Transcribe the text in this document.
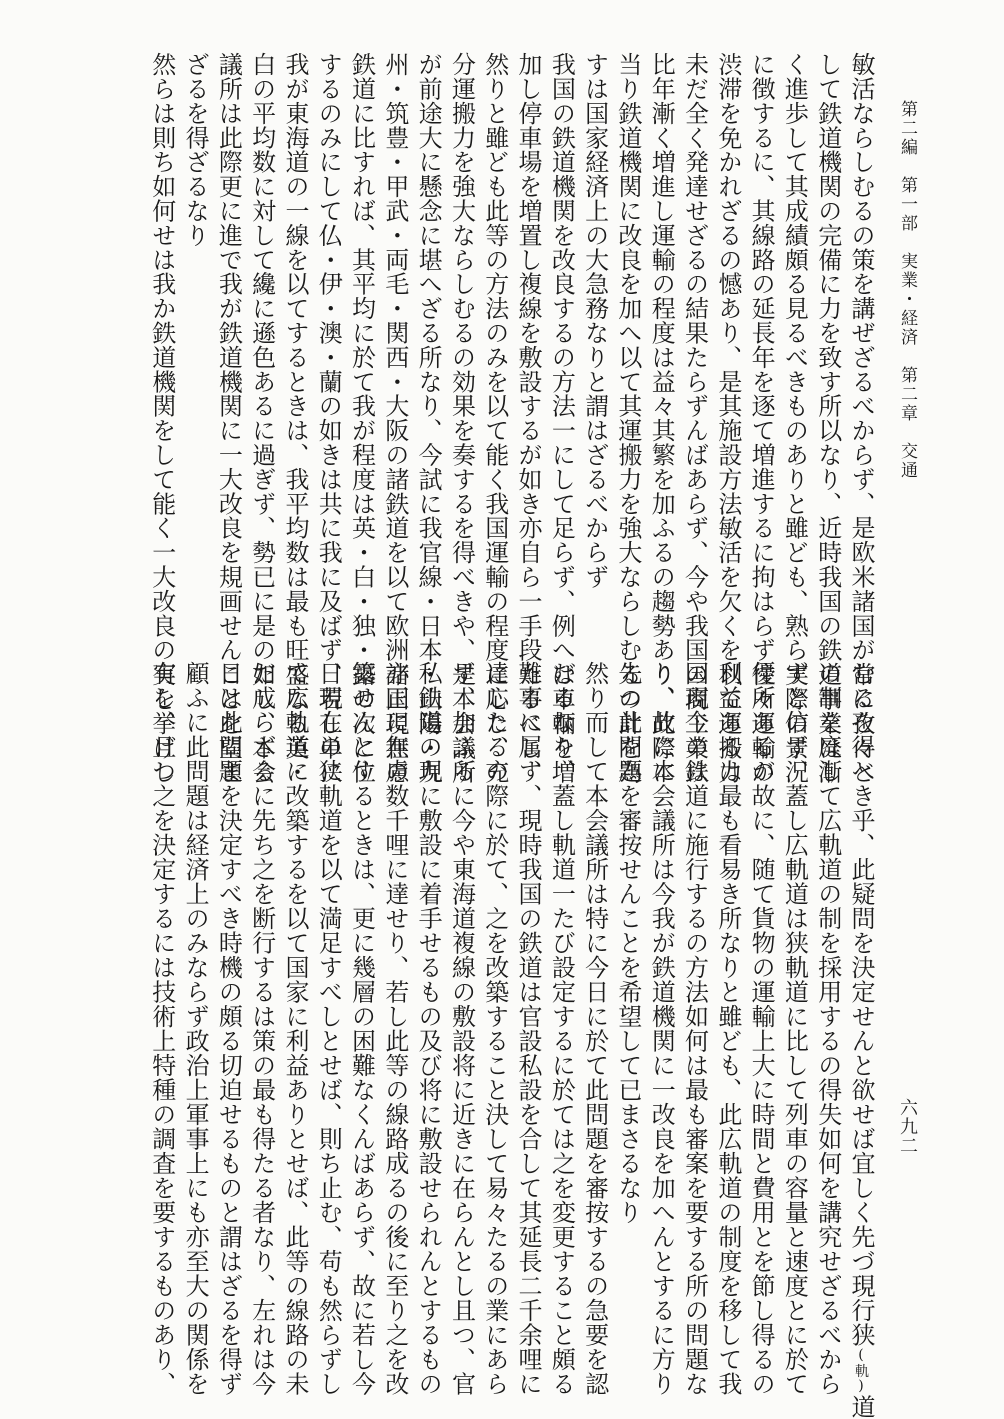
第二編　第一部　実業・経済　第二章　交通
六九二
敏活ならしむるの策を講ぜざるべからず、是欧米諸国が常に孜々と
して鉄道機関の完備に力を致す所以なり、近時我国の鉄道事業は漸
く進歩して其成績頗る見るべきものありと雖ども、熟ら実際の景況
に徴するに、其線路の延長年を逐て増進するに拘はらず往々運輸の
渋滞を免かれざるの憾あり、是其施設方法敏活を欠くを以て運搬力
未だ全く発達せざるの結果たらずんばあらず、今や我国の商工業は
比年漸く増進し運輸の程度は益々其繁を加ふるの趨勢あり、此際に
当り鉄道機関に改良を加へ以て其運搬力を強大ならしむるの計を為
すは国家経済上の大急務なりと謂はざるべからず
我国の鉄道機関を改良するの方法一にして足らず、例へば車輛を増
加し停車場を増置し複線を敷設するが如き亦自ら一手段たるべし、
然りと雖ども此等の方法のみを以て能く我国運輸の程度に応じ、充
分運搬力を強大ならしむるの効果を奏するを得べきや、是本会議所
が前途大に懸念に堪へざる所なり、今試に我官線・日本・山陽・九
州・筑豊・甲武・両毛・関西・大阪の諸鉄道を以て欧洲諸国現在の
鉄道に比すれば、其平均に於て我が程度は英・白・独・露の次に位
するのみにして仏・伊・澳・蘭の如きは共に我に及ばず、若し単に
我が東海道の一線を以てするときは、我平均数は最も旺盛なる英・
白の平均数に対して纔に遜色あるに過ぎず、勢已に是の如し、本会
議所は此際更に進で我が鉄道機関に一大改良を規画せんことを望ま
ざるを得ざるなり
然らは則ち如何せは我か鉄道機関をして能く一大改良の実を挙げし
むるを得べき乎、此疑問を決定せんと欲せば宜しく先づ現行狭(軌)道
の制を廃して広軌道の制を採用するの得失如何を講究せざるべから
ずと信ず、蓋し広軌道は狭軌道に比して列車の容量と速度とに於て
優所あるが故に、随て貨物の運輸上大に時間と費用とを節し得るの
利益あるは最も看易き所なりと雖ども、此広軌道の制度を移して我
国現今の鉄道に施行するの方法如何は最も審案を要する所の問題な
り、故に本会議所は今我が鉄道機関に一改良を加へんとするに方り
先つ此問題を審按せんことを希望して已まさるなり
然り而して本会議所は特に今日に於て此問題を審按するの急要を認
むるなり、蓋し軌道一たび設定するに於ては之を変更すること頗る
難事に属す、現時我国の鉄道は官設私設を合して其延長二千余哩に
達したるの際に於て、之を改築すること決して易々たるの業にあら
ず、加ふるに今や東海道複線の敷設将に近きに在らんとし且つ、官
私鉄道の現に敷設に着手せるもの及び将に敷設せられんとするもの
亦正に無慮数千哩に達せり、若し此等の線路成るの後に至り之を改
築せんとするときは、更に幾層の困難なくんばあらず、故に若し今
日現在の狭軌道を以て満足すべしとせば、則ち止む、苟も然らずし
て広軌道に改築するを以て国家に利益ありとせば、此等の線路の未
だ成らざるに先ち之を断行するは策の最も得たる者なり、左れは今
日は此問題を決定すべき時機の頗る切迫せるものと謂はざるを得ず
顧ふに此問題は経済上のみならず政治上軍事上にも亦至大の関係を
有し、且つ之を決定するには技術上特種の調査を要するものあり、
